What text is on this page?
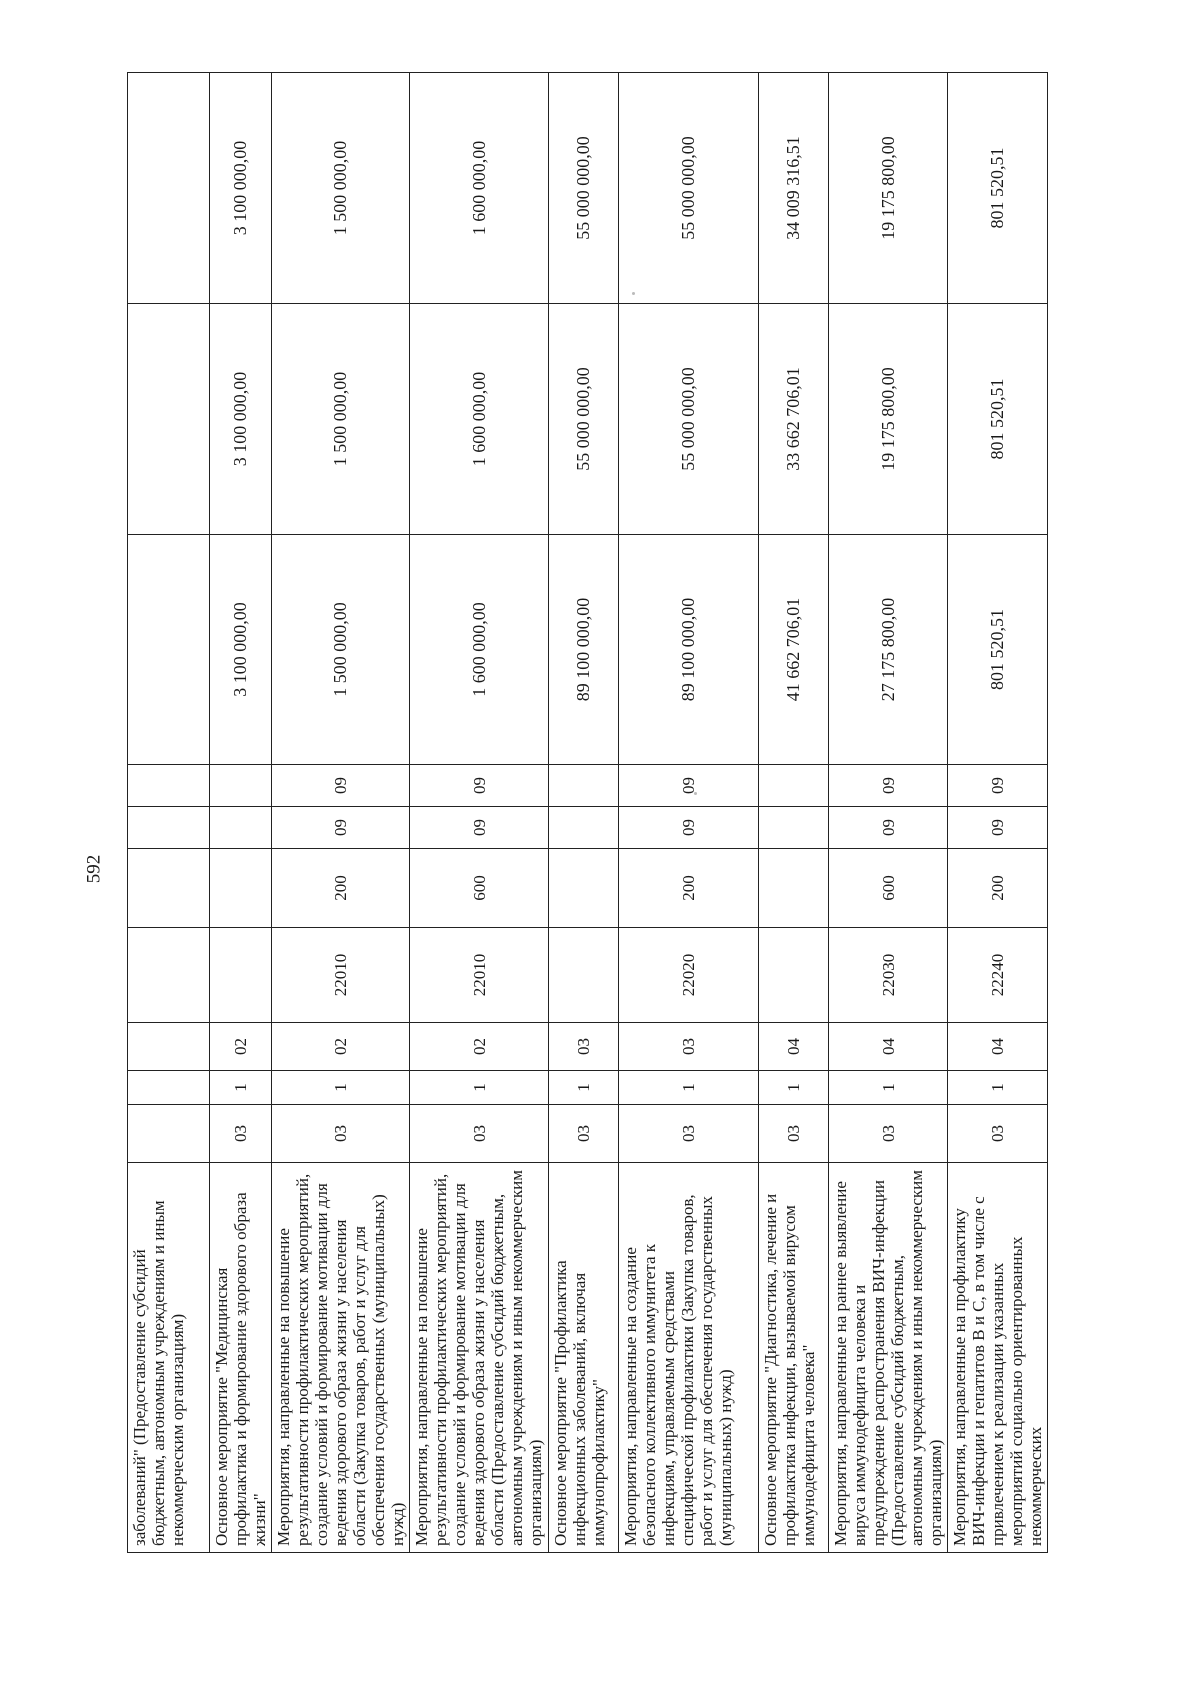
592
заболеваний" (Предоставление субсидий бюджетным, автономным учреждениям и иным некоммерческим организациям)										
Основное мероприятие "Медицинская профилактика и формирование здорового образа жизни"	03	1	02					3 100 000,00	3 100 000,00	3 100 000,00
Мероприятия, направленные на повышение результативности профилактических мероприятий, создание условий и формирование мотивации для ведения здорового образа жизни у населения области (Закупка товаров, работ и услуг для обеспечения государственных (муниципальных) нужд)	03	1	02	22010	200	09	09	1 500 000,00	1 500 000,00	1 500 000,00
Мероприятия, направленные на повышение результативности профилактических мероприятий, создание условий и формирование мотивации для ведения здорового образа жизни у населения области (Предоставление субсидий бюджетным, автономным учреждениям и иным некоммерческим организациям)	03	1	02	22010	600	09	09	1 600 000,00	1 600 000,00	1 600 000,00
Основное мероприятие "Профилактика инфекционных заболеваний, включая иммунопрофилактику"	03	1	03					89 100 000,00	55 000 000,00	55 000 000,00
Мероприятия, направленные на создание безопасного коллективного иммунитета к инфекциям, управляемым средствами специфической профилактики (Закупка товаров, работ и услуг для обеспечения государственных (муниципальных) нужд)	03	1	03	22020	200	09	09	89 100 000,00	55 000 000,00	55 000 000,00
Основное мероприятие "Диагностика, лечение и профилактика инфекции, вызываемой вирусом иммунодефицита человека"	03	1	04					41 662 706,01	33 662 706,01	34 009 316,51
Мероприятия, направленные на раннее выявление вируса иммунодефицита человека и предупреждение распространения ВИЧ-инфекции (Предоставление субсидий бюджетным, автономным учреждениям и иным некоммерческим организациям)	03	1	04	22030	600	09	09	27 175 800,00	19 175 800,00	19 175 800,00
Мероприятия, направленные на профилактику ВИЧ-инфекции и гепатитов В и С, в том числе с привлечением к реализации указанных мероприятий социально ориентированных некоммерческих	03	1	04	22240	200	09	09	801 520,51	801 520,51	801 520,51
